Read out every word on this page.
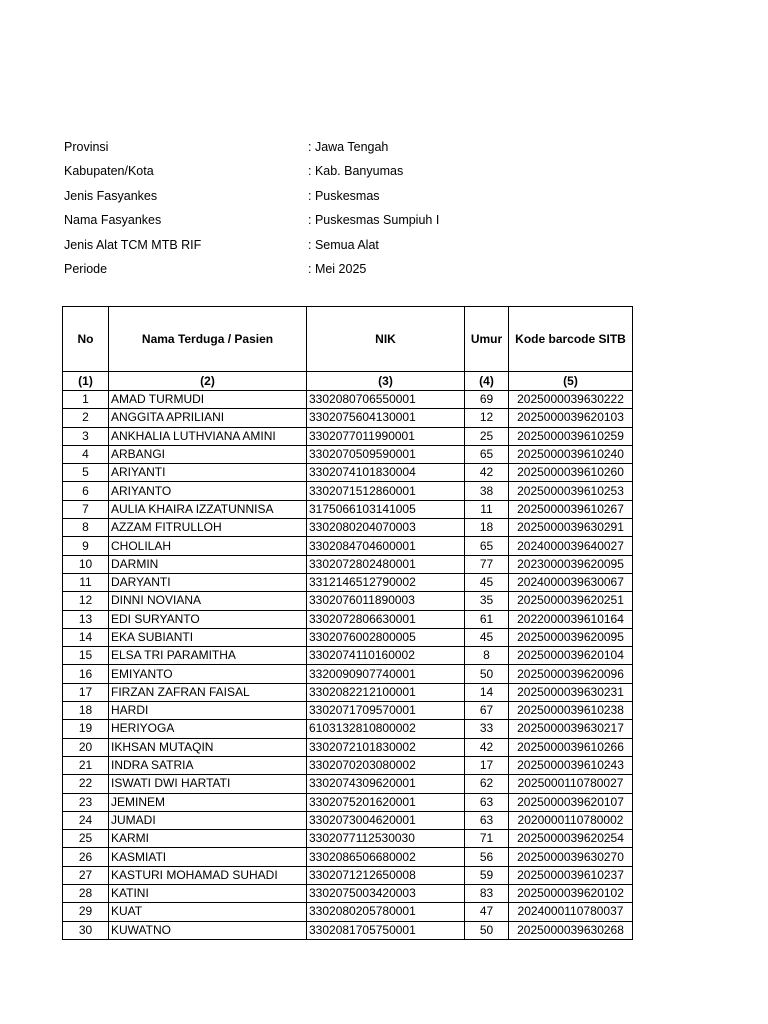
Provinsi	: Jawa Tengah
Kabupaten/Kota	: Kab. Banyumas
Jenis Fasyankes	: Puskesmas
Nama Fasyankes	: Puskesmas Sumpiuh I
Jenis Alat TCM MTB RIF	: Semua Alat
Periode	: Mei 2025
No	Nama Terduga / Pasien	NIK	Umur	Kode barcode SITB
(1)	(2)	(3)	(4)	(5)
1	AMAD TURMUDI	3302080706550001	69	2025000039630222
2	ANGGITA APRILIANI	3302075604130001	12	2025000039620103
3	ANKHALIA LUTHVIANA AMINI	3302077011990001	25	2025000039610259
4	ARBANGI	3302070509590001	65	2025000039610240
5	ARIYANTI	3302074101830004	42	2025000039610260
6	ARIYANTO	3302071512860001	38	2025000039610253
7	AULIA KHAIRA IZZATUNNISA	3175066103141005	11	2025000039610267
8	AZZAM FITRULLOH	3302080204070003	18	2025000039630291
9	CHOLILAH	3302084704600001	65	2024000039640027
10	DARMIN	3302072802480001	77	2023000039620095
11	DARYANTI	3312146512790002	45	2024000039630067
12	DINNI NOVIANA	3302076011890003	35	2025000039620251
13	EDI SURYANTO	3302072806630001	61	2022000039610164
14	EKA SUBIANTI	3302076002800005	45	2025000039620095
15	ELSA TRI PARAMITHA	3302074110160002	8	2025000039620104
16	EMIYANTO	3320090907740001	50	2025000039620096
17	FIRZAN ZAFRAN FAISAL	3302082212100001	14	2025000039630231
18	HARDI	3302071709570001	67	2025000039610238
19	HERIYOGA	6103132810800002	33	2025000039630217
20	IKHSAN MUTAQIN	3302072101830002	42	2025000039610266
21	INDRA SATRIA	3302070203080002	17	2025000039610243
22	ISWATI DWI HARTATI	3302074309620001	62	2025000110780027
23	JEMINEM	3302075201620001	63	2025000039620107
24	JUMADI	3302073004620001	63	2020000110780002
25	KARMI	3302077112530030	71	2025000039620254
26	KASMIATI	3302086506680002	56	2025000039630270
27	KASTURI MOHAMAD SUHADI	3302071212650008	59	2025000039610237
28	KATINI	3302075003420003	83	2025000039620102
29	KUAT	3302080205780001	47	2024000110780037
30	KUWATNO	3302081705750001	50	2025000039630268
